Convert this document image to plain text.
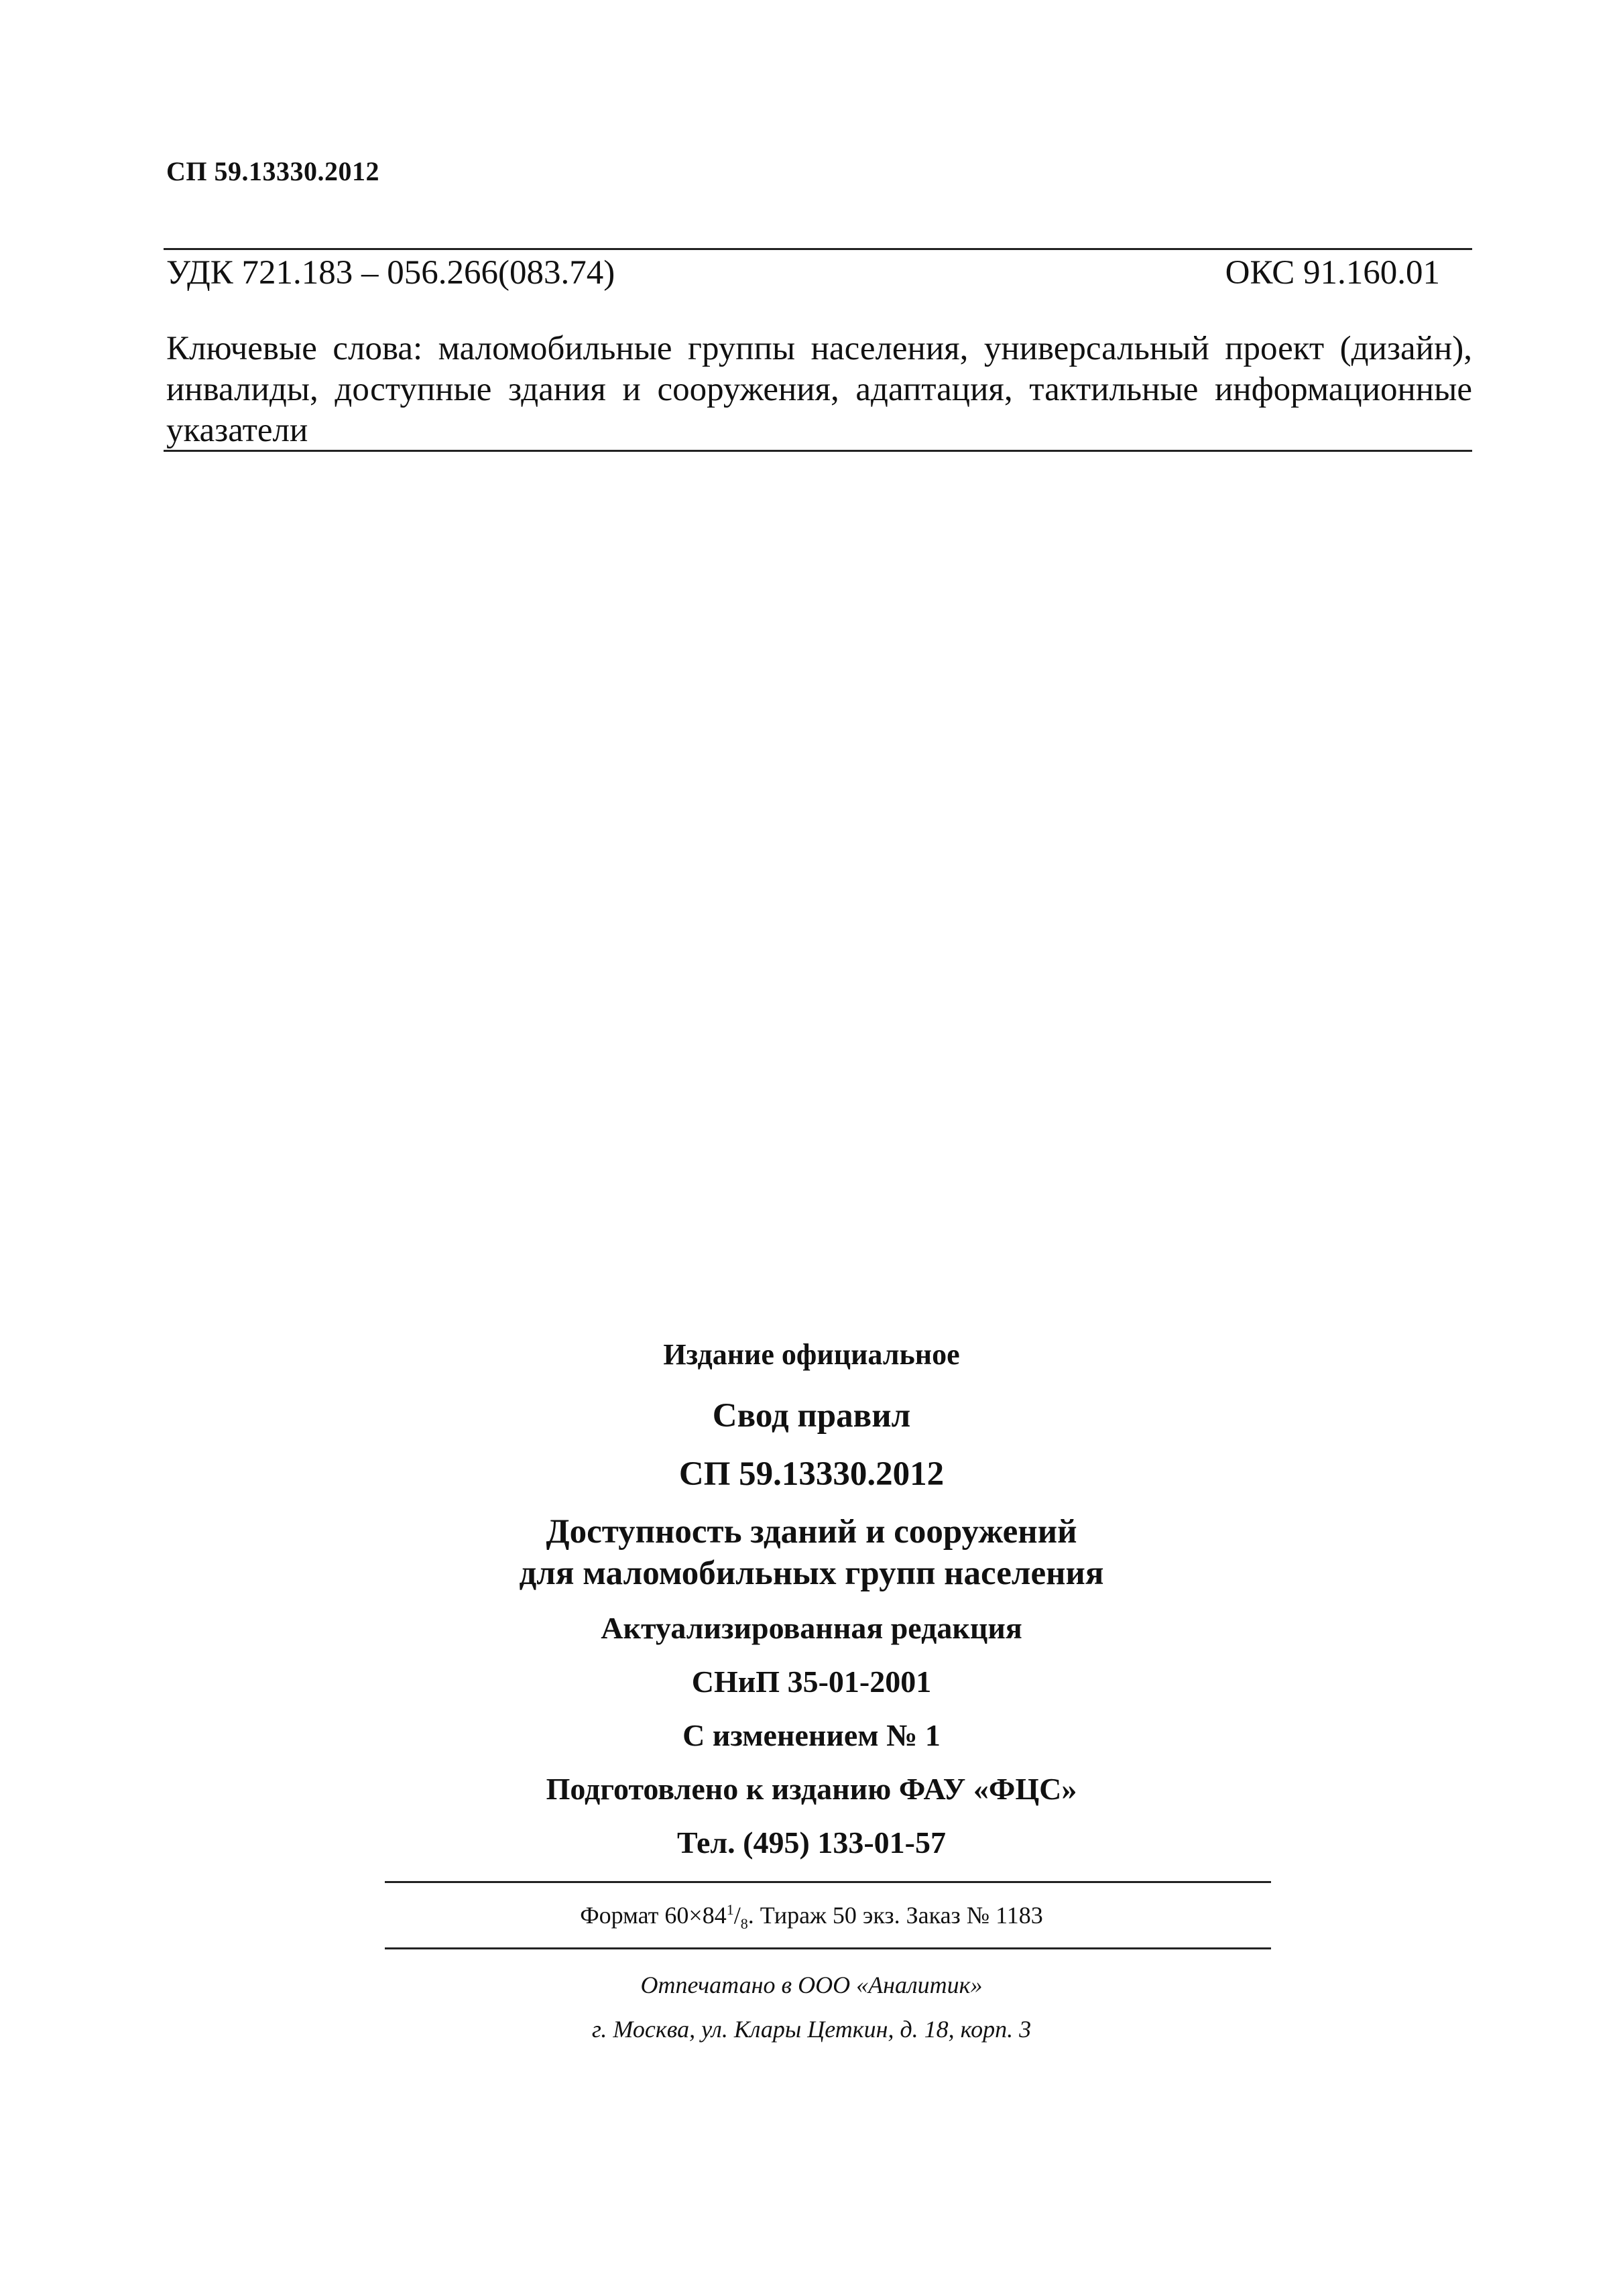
СП 59.13330.2012
УДК 721.183 – 056.266(083.74)	ОКС 91.160.01
Ключевые слова: маломобильные группы населения, универсальный проект (дизайн), инвалиды, доступные здания и сооружения, адаптация, тактильные информационные указатели
Издание официальное
Свод правил
СП 59.13330.2012
Доступность зданий и сооружений
для маломобильных групп населения
Актуализированная редакция
СНиП 35-01-2001
С изменением № 1
Подготовлено к изданию ФАУ «ФЦС»
Тел. (495) 133-01-57
Формат $60\times 84^1/_8$. Тираж 50 экз. Заказ № 1183
Отпечатано в ООО «Аналитик»
г. Москва, ул. Клары Цеткин, д. 18, корп. 3
